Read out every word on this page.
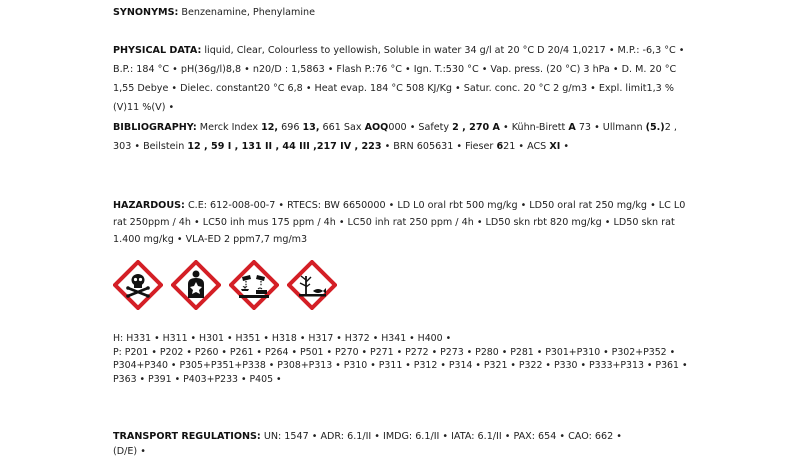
SYNONYMS: Benzenamine, Phenylamine
PHYSICAL DATA: liquid, Clear, Colourless to yellowish, Soluble in water 34 g/l at 20 °C D 20/4 1,0217 • M.P.: -6,3 °C • B.P.: 184 °C • pH(36g/l)8,8 • n20/D : 1,5863 • Flash P.:76 °C • Ign. T.:530 °C • Vap. press. (20 °C) 3 hPa • D. M. 20 °C 1,55 Debye • Dielec. constant20 °C 6,8 • Heat evap. 184 °C 508 KJ/Kg • Satur. conc. 20 °C 2 g/m3 • Expl. limit1,3 %(V)11 %(V) •
BIBLIOGRAPHY: Merck Index 12, 696 13, 661 Sax AOQ000 • Safety 2 , 270 A • Kühn-Birett A 73 • Ullmann (5.)2 , 303 • Beilstein 12 , 59 I , 131 II , 44 III ,217 IV , 223 • BRN 605631 • Fieser 621 • ACS XI •
HAZARDOUS: C.E: 612-008-00-7 • RTECS: BW 6650000 • LD L0 oral rbt 500 mg/kg • LD50 oral rat 250 mg/kg • LC L0 rat 250ppm / 4h • LC50 inh mus 175 ppm / 4h • LC50 inh rat 250 ppm / 4h • LD50 skn rbt 820 mg/kg • LD50 skn rat 1.400 mg/kg • VLA-ED 2 ppm7,7 mg/m3
H: H331 • H311 • H301 • H351 • H318 • H317 • H372 • H341 • H400 •
P: P201 • P202 • P260 • P261 • P264 • P501 • P270 • P271 • P272 • P273 • P280 • P281 • P301+P310 • P302+P352 • P304+P340 • P305+P351+P338 • P308+P313 • P310 • P311 • P312 • P314 • P321 • P322 • P330 • P333+P313 • P361 • P363 • P391 • P403+P233 • P405 •
TRANSPORT REGULATIONS: UN: 1547 • ADR: 6.1/II • IMDG: 6.1/II • IATA: 6.1/II • PAX: 654 • CAO: 662 •
(D/E) •
